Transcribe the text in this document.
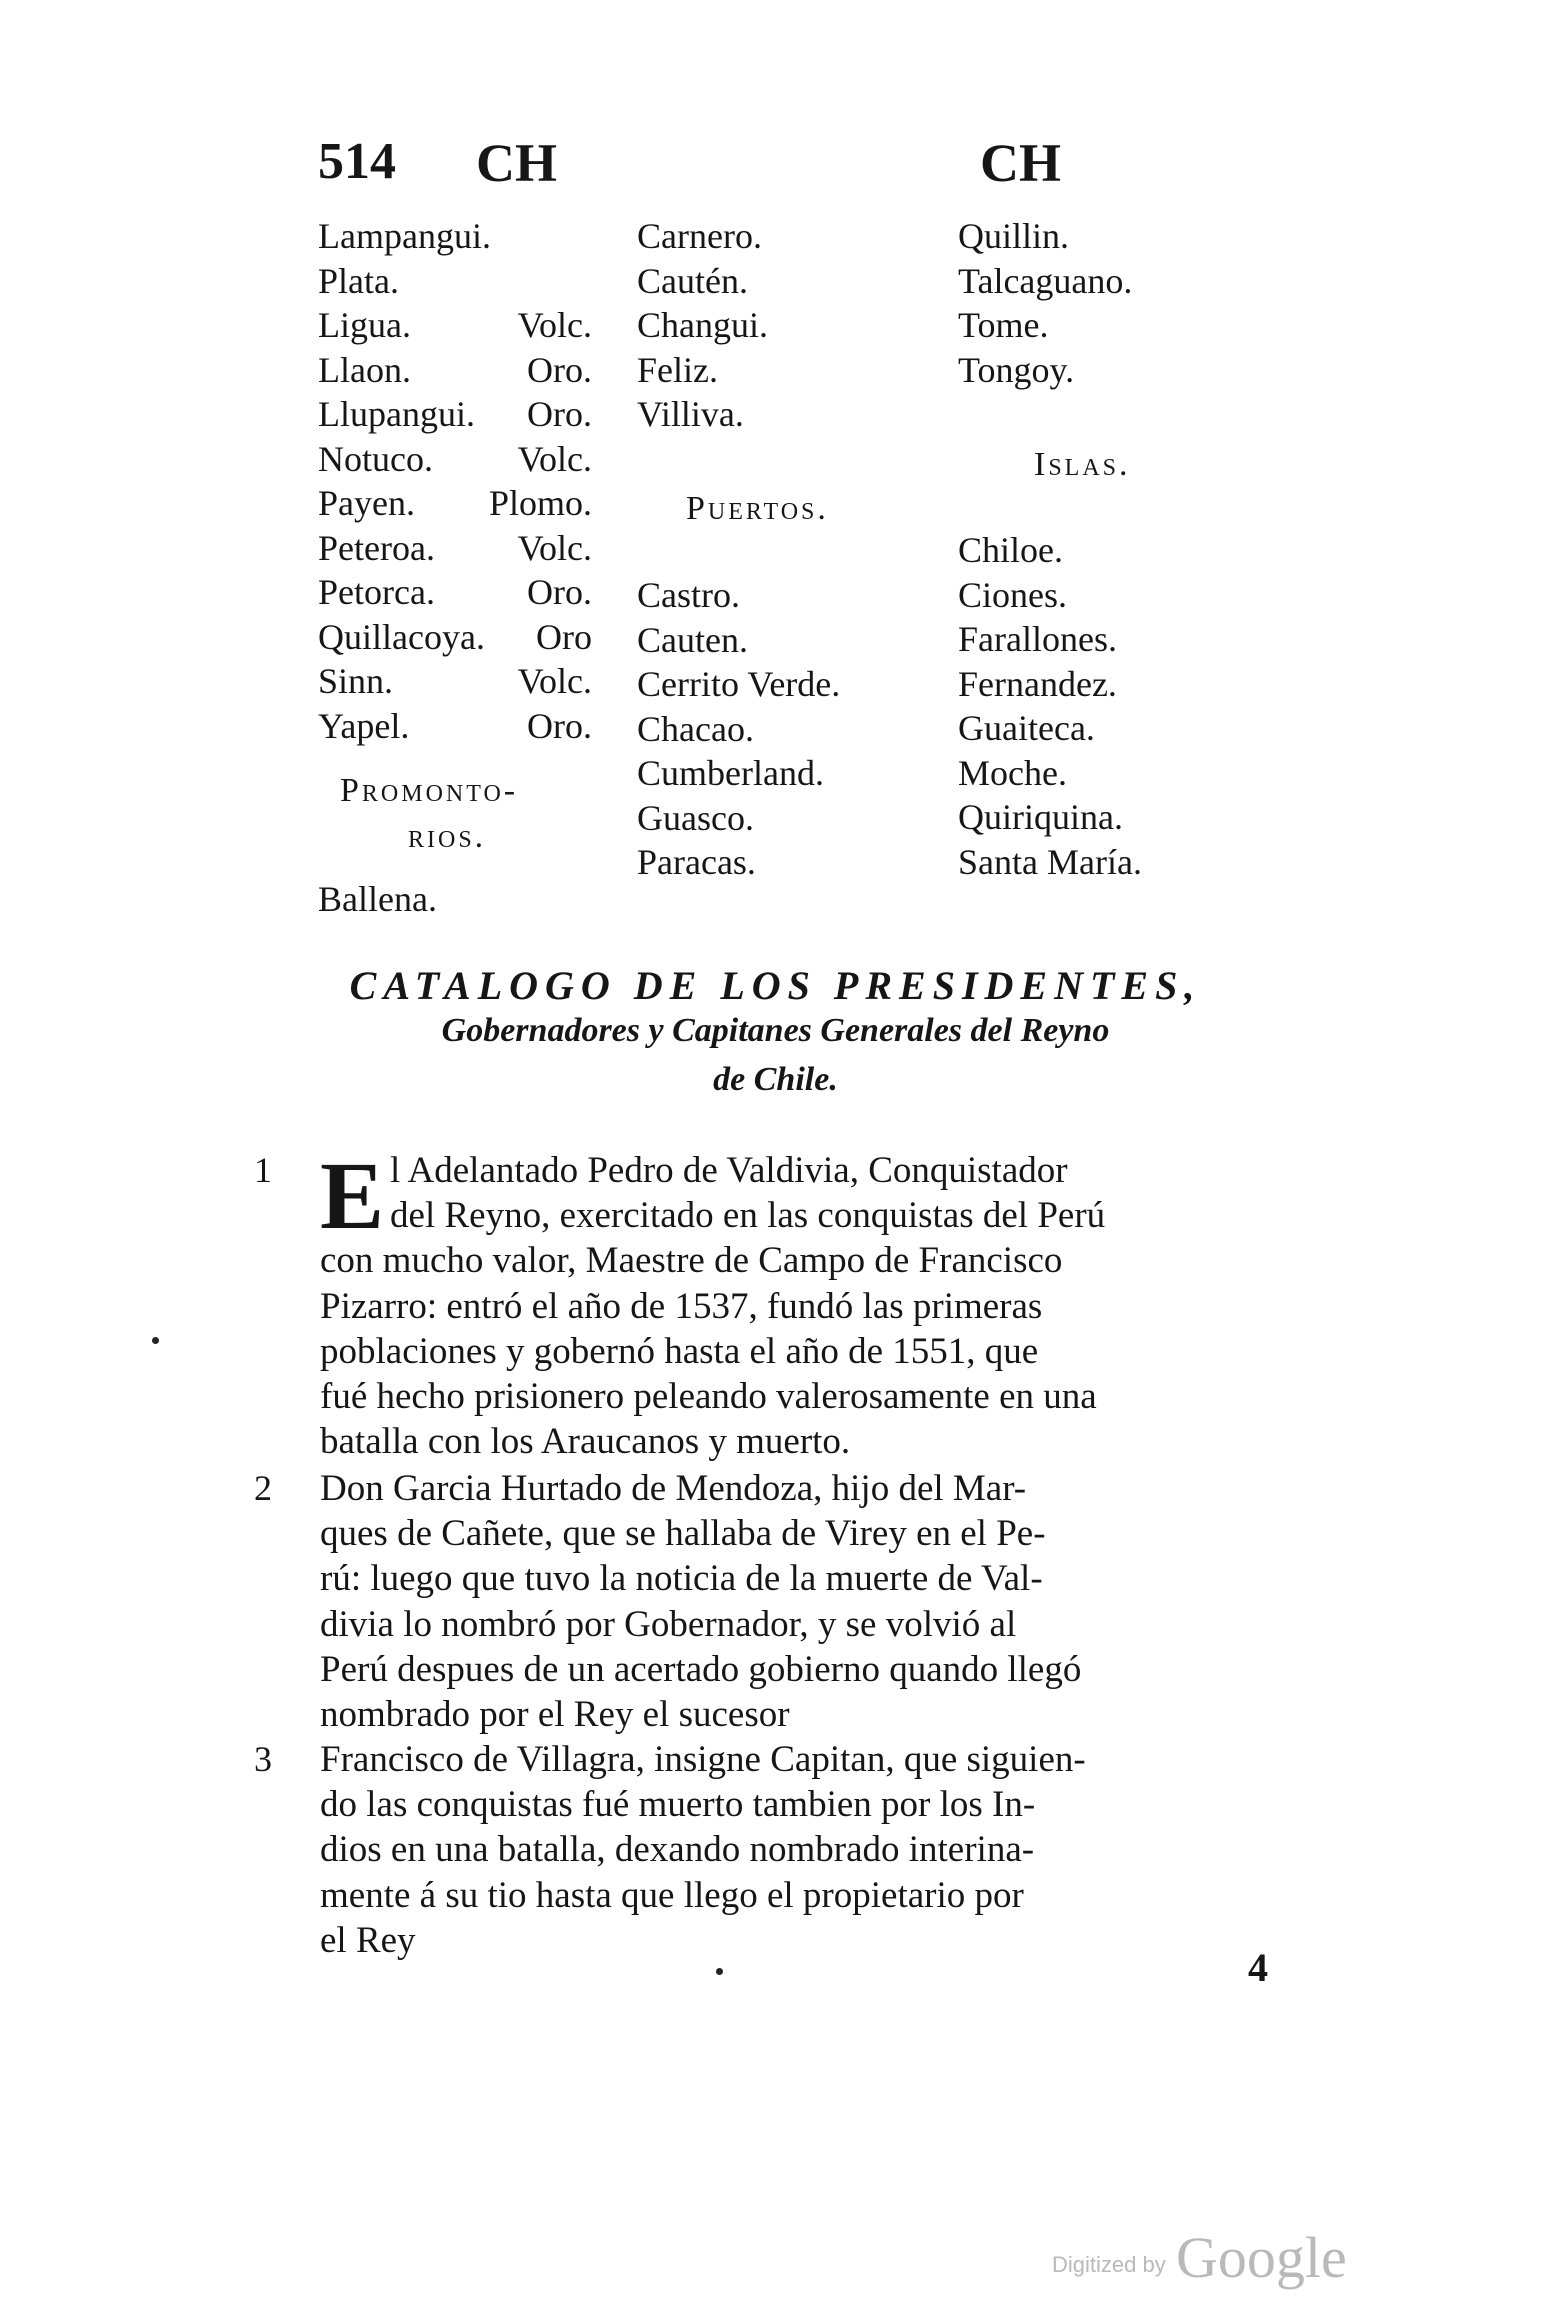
514 CH	CH
Lampangui.
Plata.
Ligua.	Volc.
Llaon.	Oro.
Llupangui. Oro.
Notuco. Volc.
Payen. Plomo.
Peteroa. Volc.
Petorca.	Oro.
Quillacoya. Oro
Sinn.	Volc.
Yapel.	Oro.
Promonto-
rios.
Ballena.
Carnero.
Cautén.
Changui.
Feliz.
Villiva.
Puertos.
Castro.
Cauten.
Cerrito Verde.
Chacao.
Cumberland.
Guasco.
Paracas.
Quillin.
Talcaguano.
Tome.
Tongoy.
Islas.
Chiloe.
Ciones.
Farallones.
Fernandez.
Guaiteca.
Moche.
Quiriquina.
Santa María.
CATALOGO DE LOS PRESIDENTES,
Gobernadores y Capitanes Generales del Reyno
de Chile.
1 E l Adelantado Pedro de Valdivia, Conquistador
del Reyno, exercitado en las conquistas del Perú
con mucho valor, Maestre de Campo de Francisco
Pizarro: entró el año de 1537, fundó las primeras
poblaciones y gobernó hasta el año de 1551, que
fué hecho prisionero peleando valerosamente en una
batalla con los Araucanos y muerto.
2 Don Garcia Hurtado de Mendoza, hijo del Mar-
ques de Cañete, que se hallaba de Virey en el Pe-
rú: luego que tuvo la noticia de la muerte de Val-
divia lo nombró por Gobernador, y se volvió al
Perú despues de un acertado gobierno quando llegó
nombrado por el Rey el sucesor
3 Francisco de Villagra, insigne Capitan, que siguien-
do las conquistas fué muerto tambien por los In-
dios en una batalla, dexando nombrado interina-
mente á su tio hasta que llego el propietario por
el Rey
4
Digitized by Google
